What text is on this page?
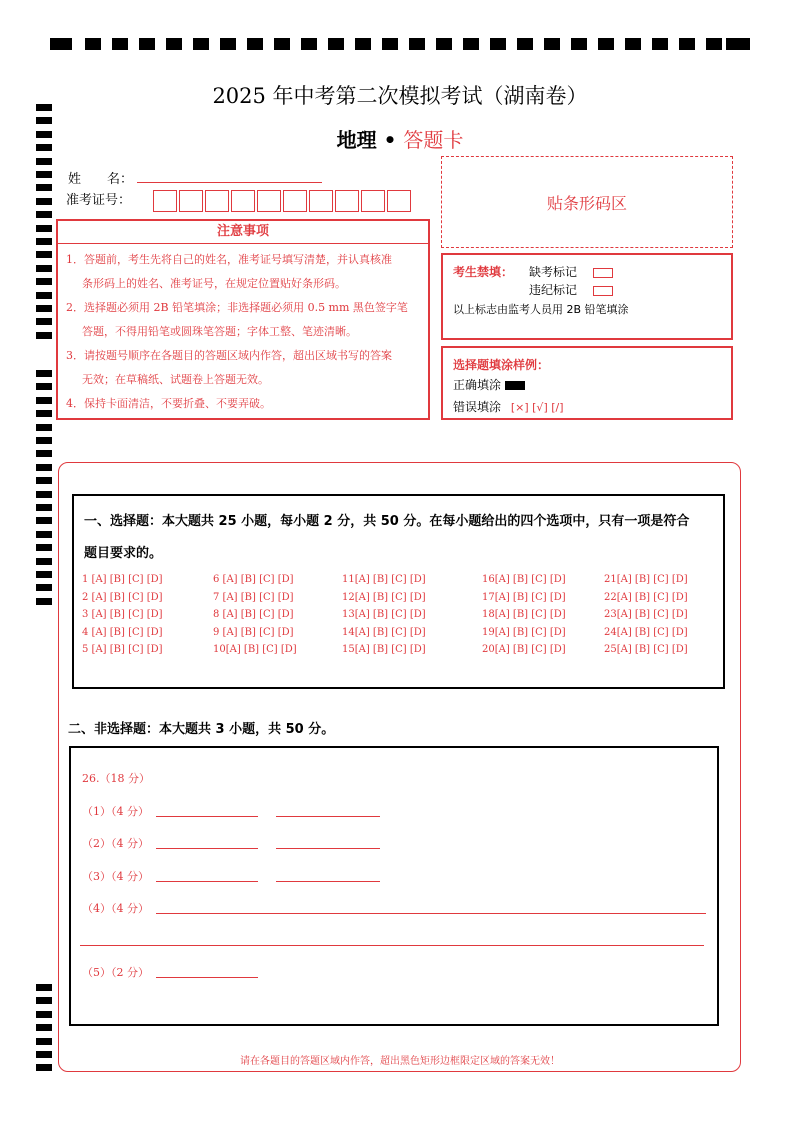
2025 年中考第二次模拟考试（湖南卷）
地理 • 答题卡
姓　　名：
准考证号：	贴条形码区
注意事项
1．答题前，考生先将自己的姓名，准考证号填写清楚，并认真核准
条形码上的姓名、准考证号，在规定位置贴好条形码。
2．选择题必须用 2B 铅笔填涂；非选择题必须用 0.5 mm 黑色签字笔
答题，不得用铅笔或圆珠笔答题；字体工整、笔迹清晰。
3．请按题号顺序在各题目的答题区域内作答，超出区域书写的答案
无效；在草稿纸、试题卷上答题无效。
4．保持卡面清洁，不要折叠、不要弄破。
考生禁填： 缺考标记
违纪标记
以上标志由监考人员用 2B 铅笔填涂
选择题填涂样例：
正确填涂
错误填涂 [×] [√] [/]
一、选择题：本大题共 25 小题，每小题 2 分，共 50 分。在每小题给出的四个选项中，只有一项是符合
题目要求的。
1 [A] [B] [C] [D]
2 [A] [B] [C] [D]
3 [A] [B] [C] [D]
4 [A] [B] [C] [D]
5 [A] [B] [C] [D]
6 [A] [B] [C] [D]
7 [A] [B] [C] [D]
8 [A] [B] [C] [D]
9 [A] [B] [C] [D]
10[A] [B] [C] [D]
11[A] [B] [C] [D]
12[A] [B] [C] [D]
13[A] [B] [C] [D]
14[A] [B] [C] [D]
15[A] [B] [C] [D]
16[A] [B] [C] [D]
17[A] [B] [C] [D]
18[A] [B] [C] [D]
19[A] [B] [C] [D]
20[A] [B] [C] [D]
21[A] [B] [C] [D]
22[A] [B] [C] [D]
23[A] [B] [C] [D]
24[A] [B] [C] [D]
25[A] [B] [C] [D]
二、非选择题：本大题共 3 小题，共 50 分。
26.（18 分）
（1）（4 分）
（2）（4 分）
（3）（4 分）
（4）（4 分）
（5）（2 分）
请在各题目的答题区域内作答，超出黑色矩形边框限定区域的答案无效！
